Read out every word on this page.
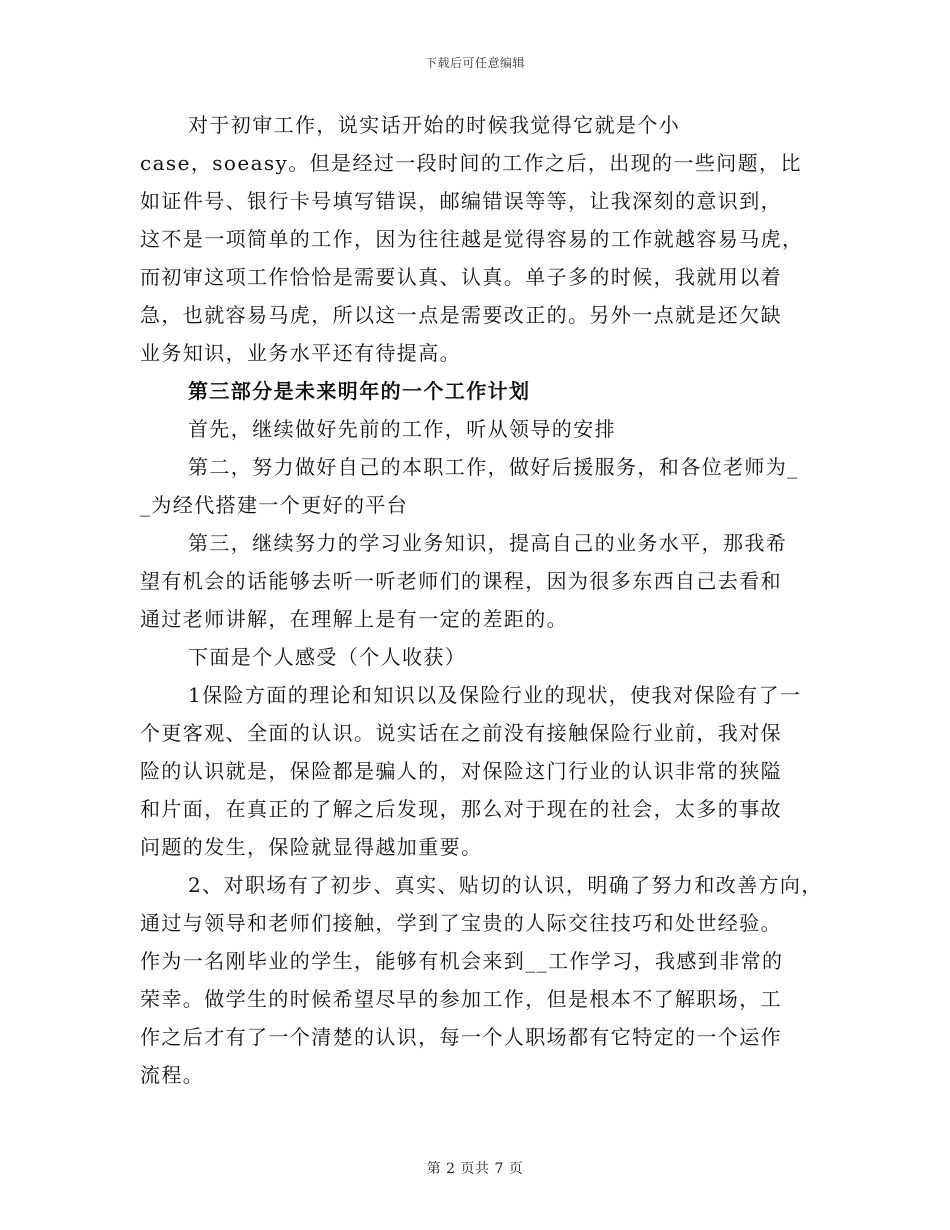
下载后可任意编辑
对于初审工作，说实话开始的时候我觉得它就是个小
case，soeasy。但是经过一段时间的工作之后，出现的一些问题，比
如证件号、银行卡号填写错误，邮编错误等等，让我深刻的意识到，
这不是一项简单的工作，因为往往越是觉得容易的工作就越容易马虎，
而初审这项工作恰恰是需要认真、认真。单子多的时候，我就用以着
急，也就容易马虎，所以这一点是需要改正的。另外一点就是还欠缺
业务知识，业务水平还有待提高。
第三部分是未来明年的一个工作计划
首先，继续做好先前的工作，听从领导的安排
第二，努力做好自己的本职工作，做好后援服务，和各位老师为_
_为经代搭建一个更好的平台
第三，继续努力的学习业务知识，提高自己的业务水平，那我希
望有机会的话能够去听一听老师们的课程，因为很多东西自己去看和
通过老师讲解，在理解上是有一定的差距的。
下面是个人感受（个人收获）
1保险方面的理论和知识以及保险行业的现状，使我对保险有了一
个更客观、全面的认识。说实话在之前没有接触保险行业前，我对保
险的认识就是，保险都是骗人的，对保险这门行业的认识非常的狭隘
和片面，在真正的了解之后发现，那么对于现在的社会，太多的事故
问题的发生，保险就显得越加重要。
2、对职场有了初步、真实、贴切的认识，明确了努力和改善方向，
通过与领导和老师们接触，学到了宝贵的人际交往技巧和处世经验。
作为一名刚毕业的学生，能够有机会来到__工作学习，我感到非常的
荣幸。做学生的时候希望尽早的参加工作，但是根本不了解职场，工
作之后才有了一个清楚的认识，每一个人职场都有它特定的一个运作
流程。
第 2 页共 7 页
